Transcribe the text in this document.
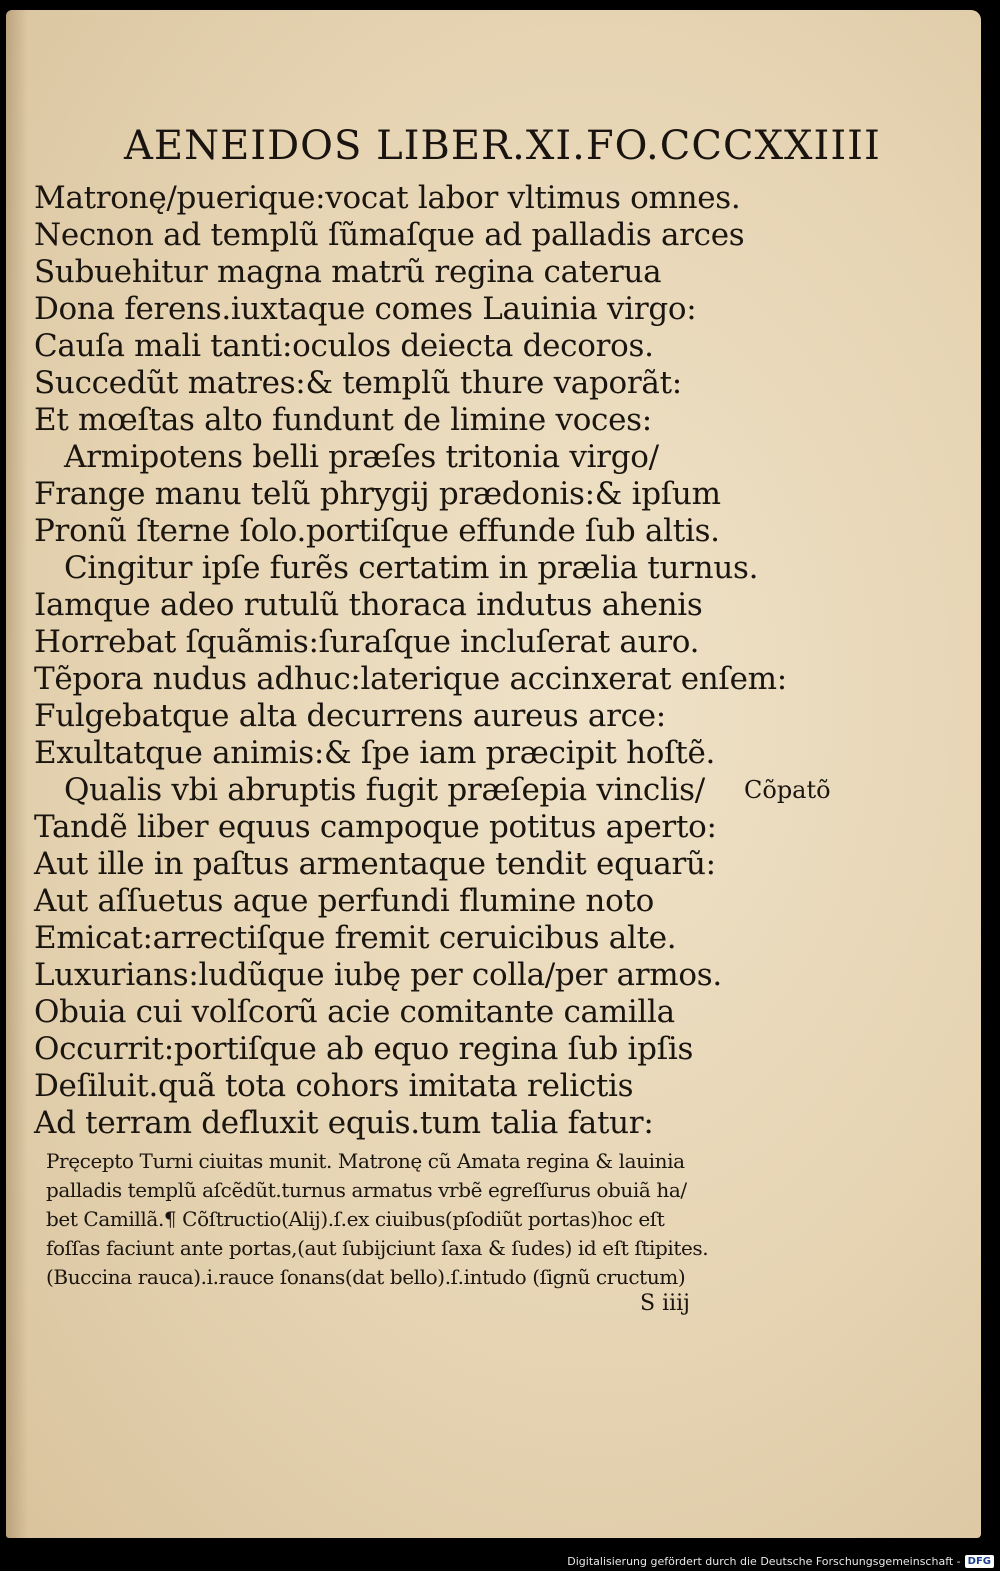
AENEIDOS LIBER.XI.FO.CCCXXIIII
Matronę/puerique:vocat labor vltimus omnes.
Necnon ad templũ ſũmaſque ad palladis arces
Subuehitur magna matrũ regina caterua
Dona ferens.iuxtaque comes Lauinia virgo:
Cauſa mali tanti:oculos deiecta decoros.
Succedũt matres:& templũ thure vaporãt:
Et mœſtas alto fundunt de limine voces:
Armipotens belli præſes tritonia virgo/
Frange manu telũ phrygij prædonis:& ipſum
Pronũ ſterne ſolo.portiſque effunde ſub altis.
Cingitur ipſe furẽs certatim in prælia turnus.
Iamque adeo rutulũ thoraca indutus ahenis
Horrebat ſquãmis:ſuraſque incluſerat auro.
Tẽpora nudus adhuc:laterique accinxerat enſem:
Fulgebatque alta decurrens aureus arce:
Exultatque animis:& ſpe iam præcipit hoſtẽ.
Qualis vbi abruptis fugit præſepia vinclis/
Tandẽ liber equus campoque potitus aperto:
Aut ille in paſtus armentaque tendit equarũ:
Aut aſſuetus aque perfundi flumine noto
Emicat:arrectiſque fremit ceruicibus alte.
Luxurians:ludũque iubę per colla/per armos.
Obuia cui volſcorũ acie comitante camilla
Occurrit:portiſque ab equo regina ſub ipſis
Deſiluit.quã tota cohors imitata relictis
Ad terram defluxit equis.tum talia fatur:
Cõpatõ
Pręcepto Turni ciuitas munit. Matronę cũ Amata regina & lauinia
palladis templũ aſcẽdũt.turnus armatus vrbẽ egreſſurus obuiã ha/
bet Camillã.¶ Cõſtructio(Alij).ſ.ex ciuibus(pſodiũt portas)hoc eſt
foſſas faciunt ante portas,(aut ſubijciunt ſaxa & ſudes) id eſt ſtipites.
(Buccina rauca).i.rauce ſonans(dat bello).ſ.intudo (ſignũ cructum)
S iiij
Digitalisierung gefördert durch die Deutsche Forschungsgemeinschaft - DFG
